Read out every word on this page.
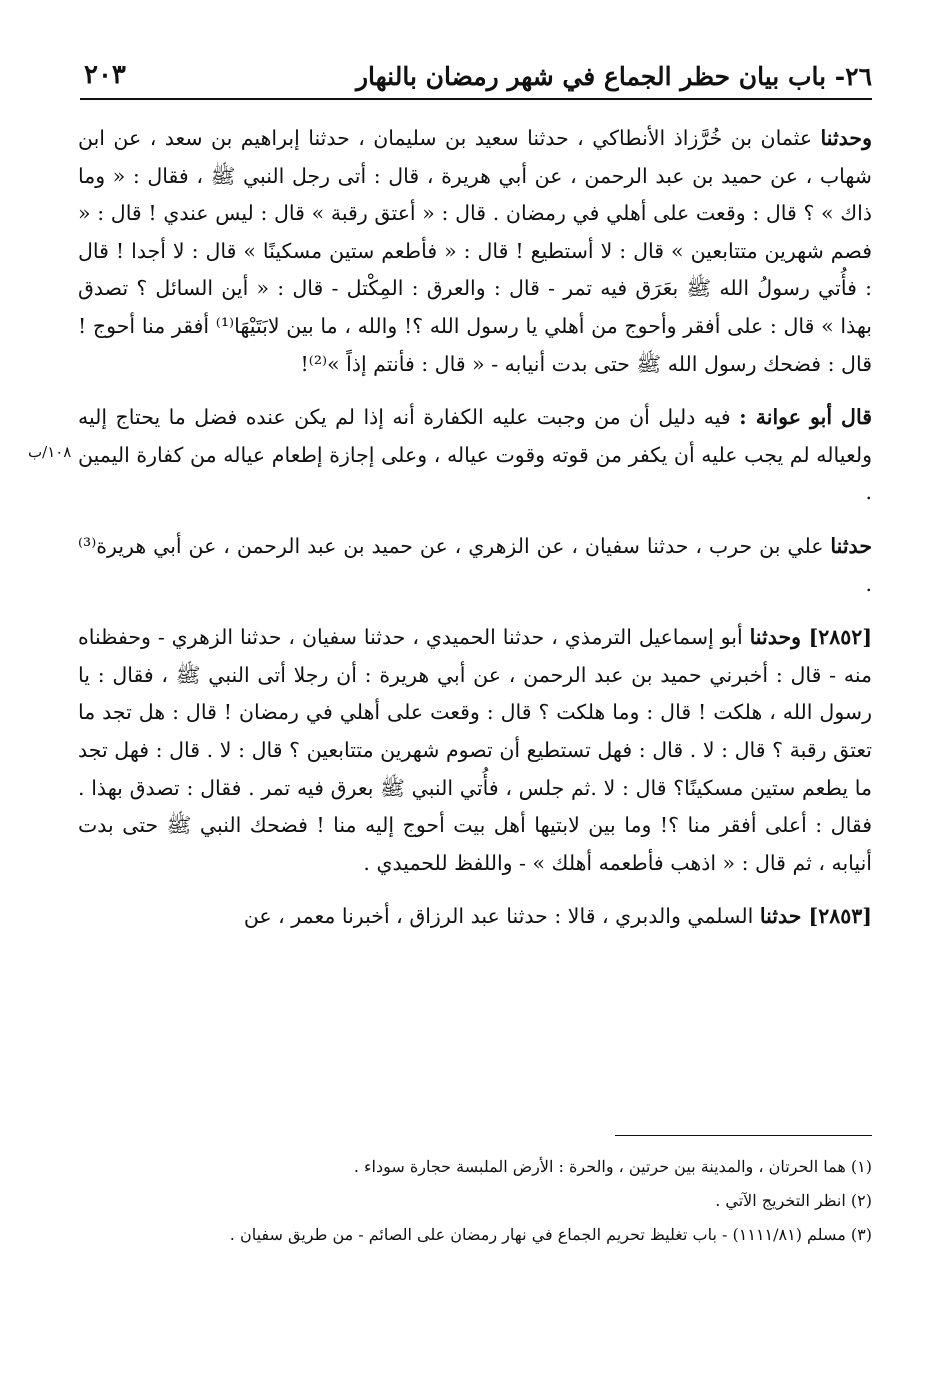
٢٦- باب بيان حظر الجماع في شهر رمضان بالنهار
٢٠٣
١٠٨/ب

وحدثنا عثمان بن خُرَّزاذ الأنطاكي ، حدثنا سعيد بن سليمان ، حدثنا إبراهيم بن سعد ، عن ابن شهاب ، عن حميد بن عبد الرحمن ، عن أبي هريرة ، قال : أتى رجل النبي ﷺ ، فقال : « وما ذاك » ؟ قال : وقعت على أهلي في رمضان . قال : « أعتق رقبة » قال : ليس عندي ! قال : « فصم شهرين متتابعين » قال : لا أستطيع ! قال : « فأطعم ستين مسكينًا » قال : لا أجدا ! قال : فأُتي رسولُ الله ﷺ بعَرَق فيه تمر - قال : والعرق : المِكْتل - قال : « أين السائل ؟ تصدق بهذا » قال : على أفقر وأحوج من أهلي يا رسول الله ؟! والله ، ما بين لابَتَيْهَا⁽¹⁾ أفقر منا أحوج ! قال : فضحك رسول الله ﷺ حتى بدت أنيابه - « قال : فأنتم إذاً »⁽²⁾!

قال أبو عوانة : فيه دليل أن من وجبت عليه الكفارة أنه إذا لم يكن عنده فضل ما يحتاج إليه ولعياله لم يجب عليه أن يكفر من قوته وقوت عياله ، وعلى إجازة إطعام عياله من كفارة اليمين .

حدثنا علي بن حرب ، حدثنا سفيان ، عن الزهري ، عن حميد بن عبد الرحمن ، عن أبي هريرة⁽³⁾ .

[٢٨٥٢] وحدثنا أبو إسماعيل الترمذي ، حدثنا الحميدي ، حدثنا سفيان ، حدثنا الزهري - وحفظناه منه - قال : أخبرني حميد بن عبد الرحمن ، عن أبي هريرة : أن رجلا أتى النبي ﷺ ، فقال : يا رسول الله ، هلكت ! قال : وما هلكت ؟ قال : وقعت على أهلي في رمضان ! قال : هل تجد ما تعتق رقبة ؟ قال : لا . قال : فهل تستطيع أن تصوم شهرين متتابعين ؟ قال : لا . قال : فهل تجد ما يطعم ستين مسكينًا؟ قال : لا .ثم جلس ، فأُتي النبي ﷺ بعرق فيه تمر . فقال : تصدق بهذا . فقال : أعلى أفقر منا ؟! وما بين لابتيها أهل بيت أحوج إليه منا ! فضحك النبي ﷺ حتى بدت أنيابه ، ثم قال : « اذهب فأطعمه أهلك » - واللفظ للحميدي .

[٢٨٥٣] حدثنا السلمي والدبري ، قالا : حدثنا عبد الرزاق ، أخبرنا معمر ، عن

(١) هما الحرتان ، والمدينة بين حرتين ، والحرة : الأرض الملبسة حجارة سوداء .

(٢) انظر التخريج الآتي .

(٣) مسلم (١١١١/٨١) - باب تغليظ تحريم الجماع في نهار رمضان على الصائم - من طريق سفيان .
